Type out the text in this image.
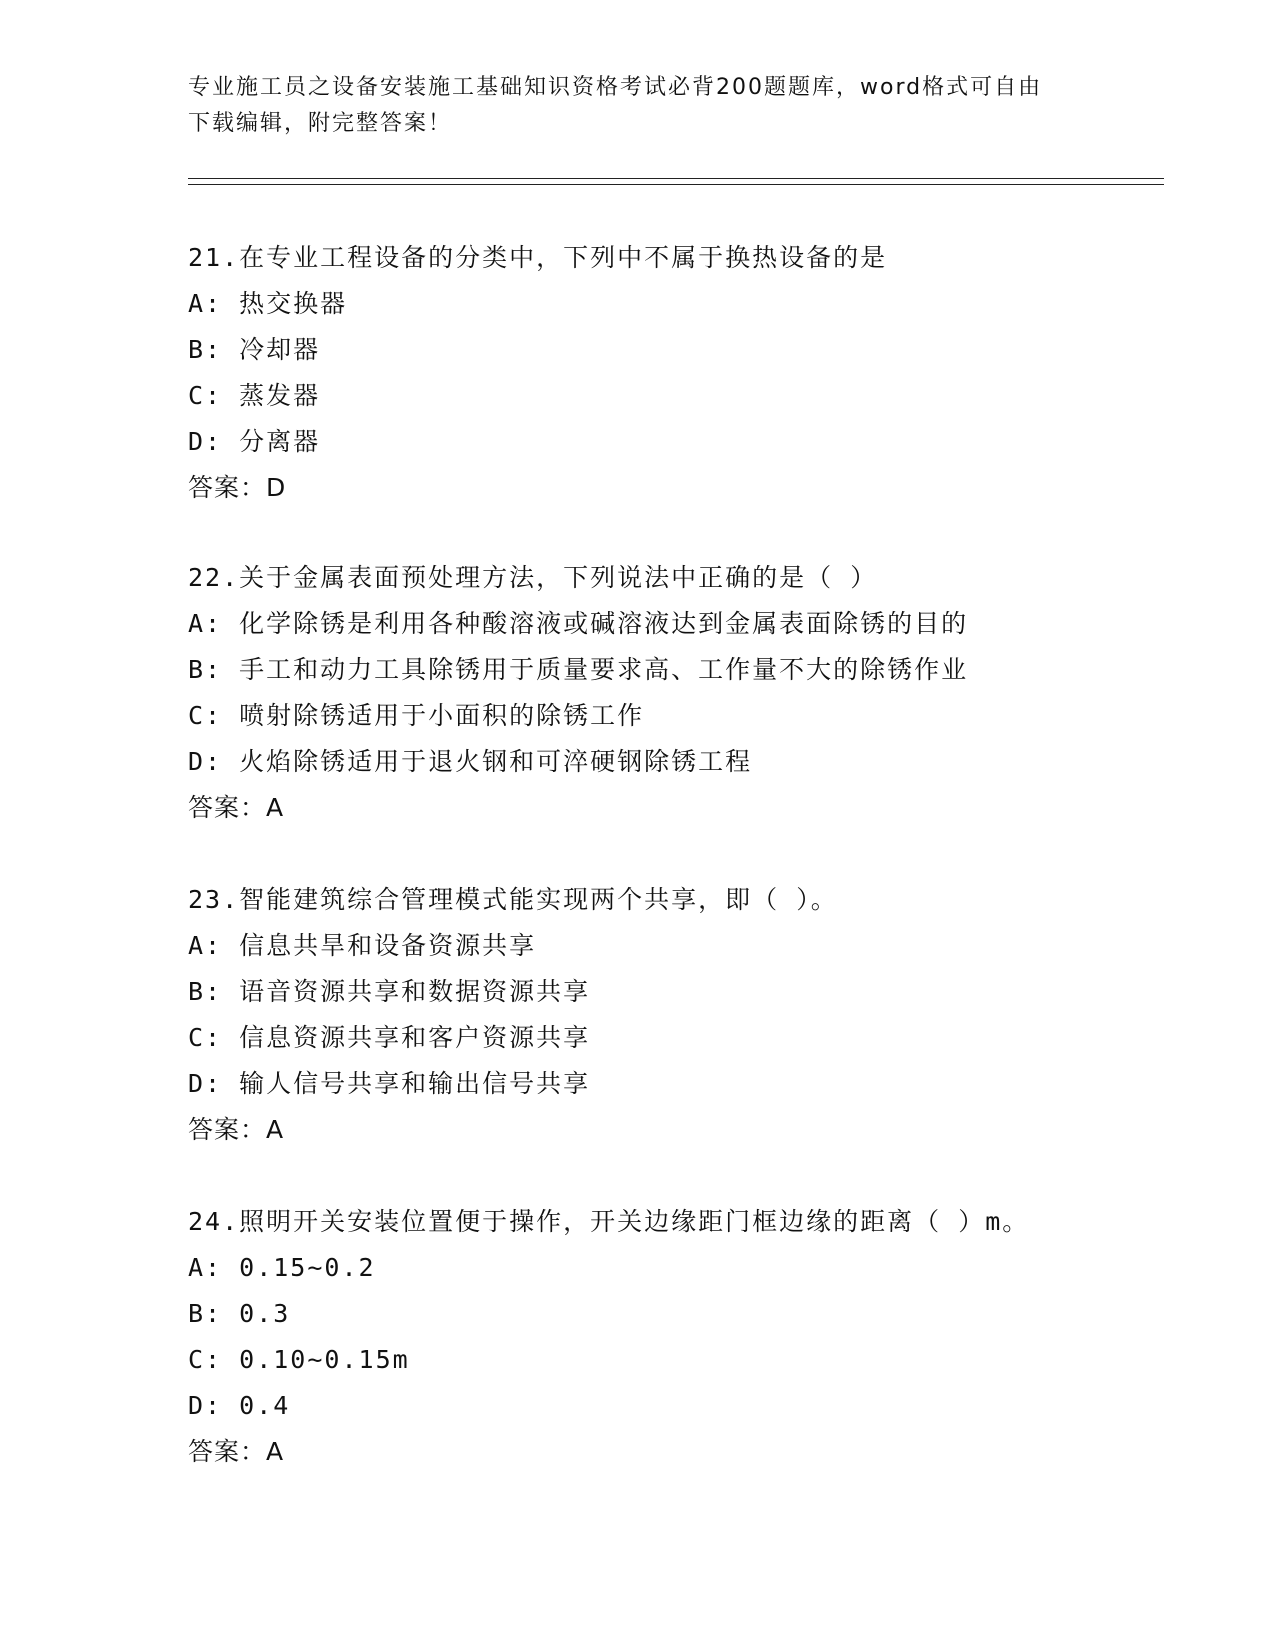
专业施工员之设备安装施工基础知识资格考试必背200题题库，word格式可自由
下载编辑，附完整答案！
21.在专业工程设备的分类中，下列中不属于换热设备的是
A: 热交换器
B: 冷却器
C: 蒸发器
D: 分离器
答案：D
22.关于金属表面预处理方法，下列说法中正确的是（ ）
A: 化学除锈是利用各种酸溶液或碱溶液达到金属表面除锈的目的
B: 手工和动力工具除锈用于质量要求高、工作量不大的除锈作业
C: 喷射除锈适用于小面积的除锈工作
D: 火焰除锈适用于退火钢和可淬硬钢除锈工程
答案：A
23.智能建筑综合管理模式能实现两个共享，即（ ）。
A: 信息共旱和设备资源共享
B: 语音资源共享和数据资源共享
C: 信息资源共享和客户资源共享
D: 输人信号共享和输出信号共享
答案：A
24.照明开关安装位置便于操作，开关边缘距门框边缘的距离（ ）m。
A: 0.15~0.2
B: 0.3
C: 0.10~0.15m
D: 0.4
答案：A
